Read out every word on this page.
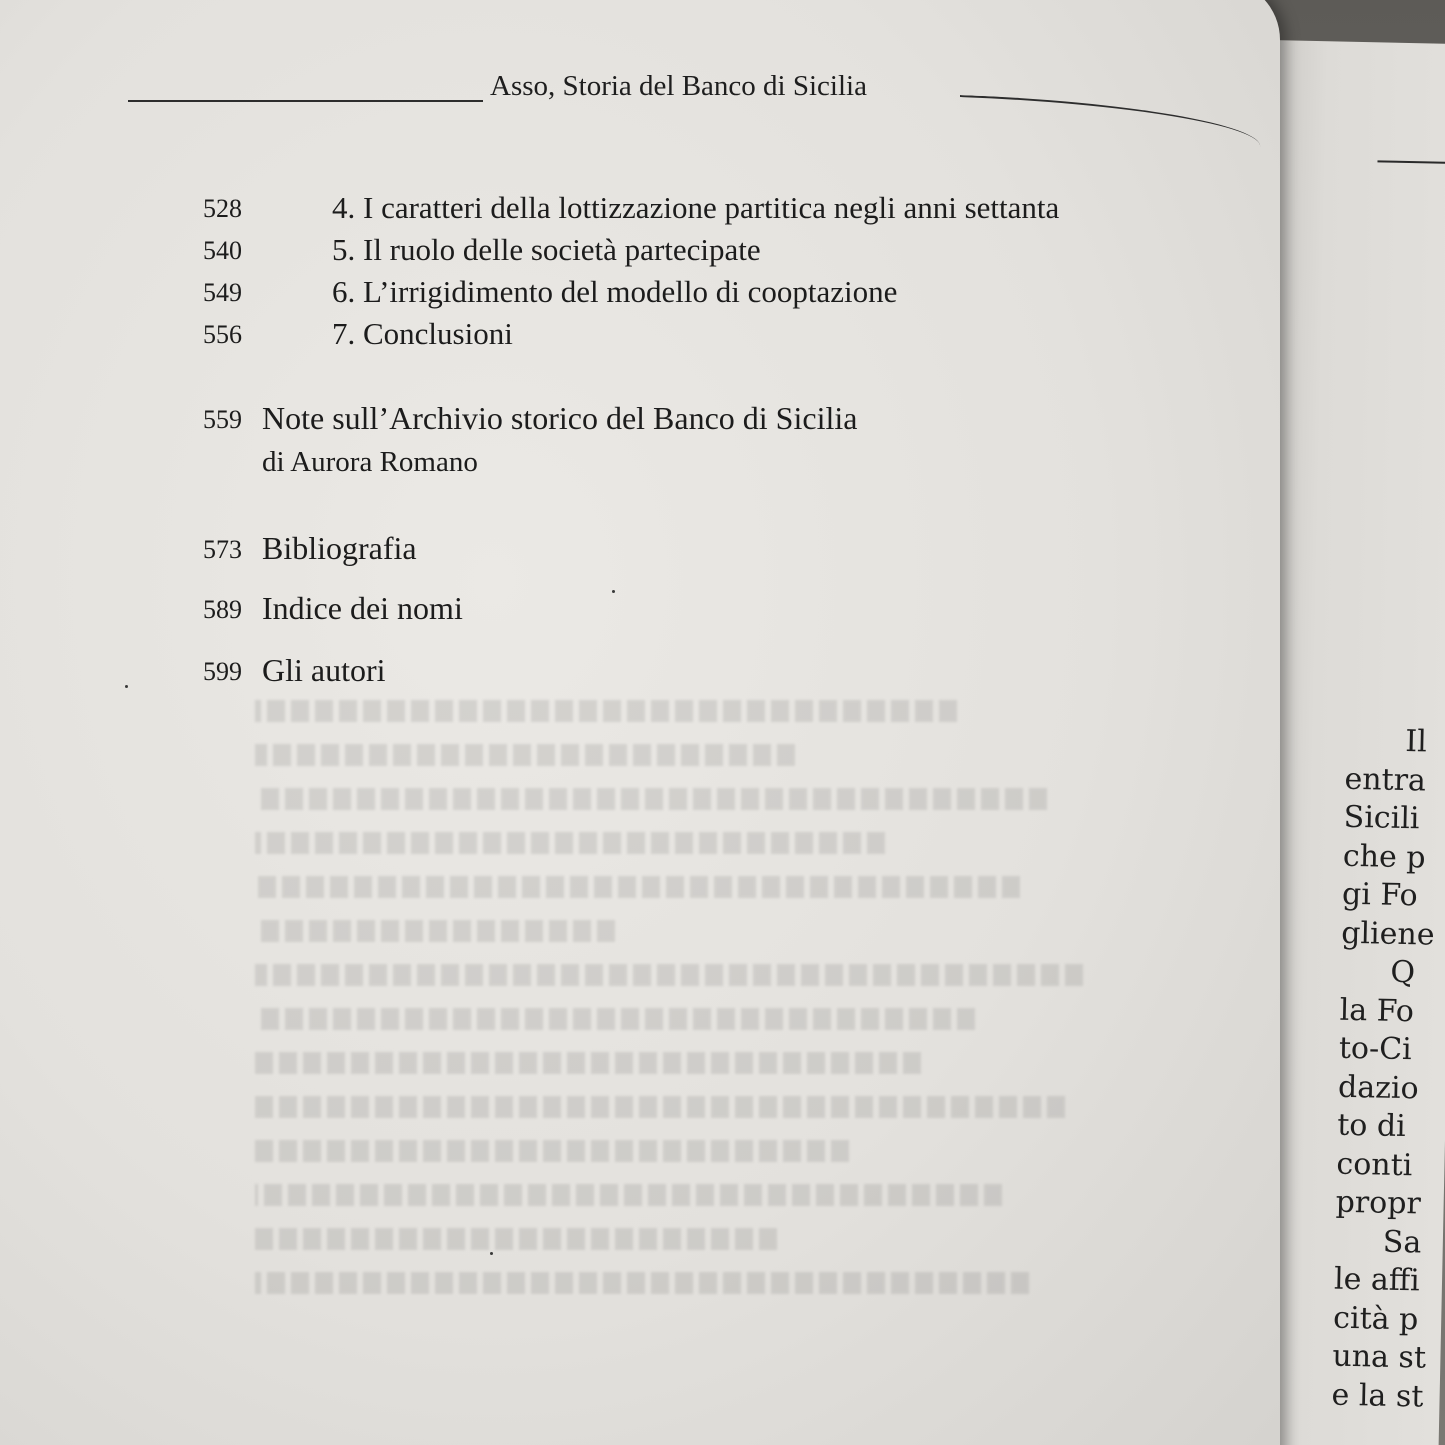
Il
entra
Sicili
che p
gi Fo
gliene
Q
la Fo
to-Ci
dazio
to di
conti
propr
Sa
le affi
cità p
una st
e la st
Asso, Storia del Banco di Sicilia
528	4. I caratteri della lottizzazione partitica negli anni settanta
540	5. Il ruolo delle società partecipate
549	6. L’irrigidimento del modello di cooptazione
556	7. Conclusioni
559 Note sull’Archivio storico del Banco di Sicilia
di Aurora Romano
573 Bibliografia
589 Indice dei nomi
599 Gli autori
